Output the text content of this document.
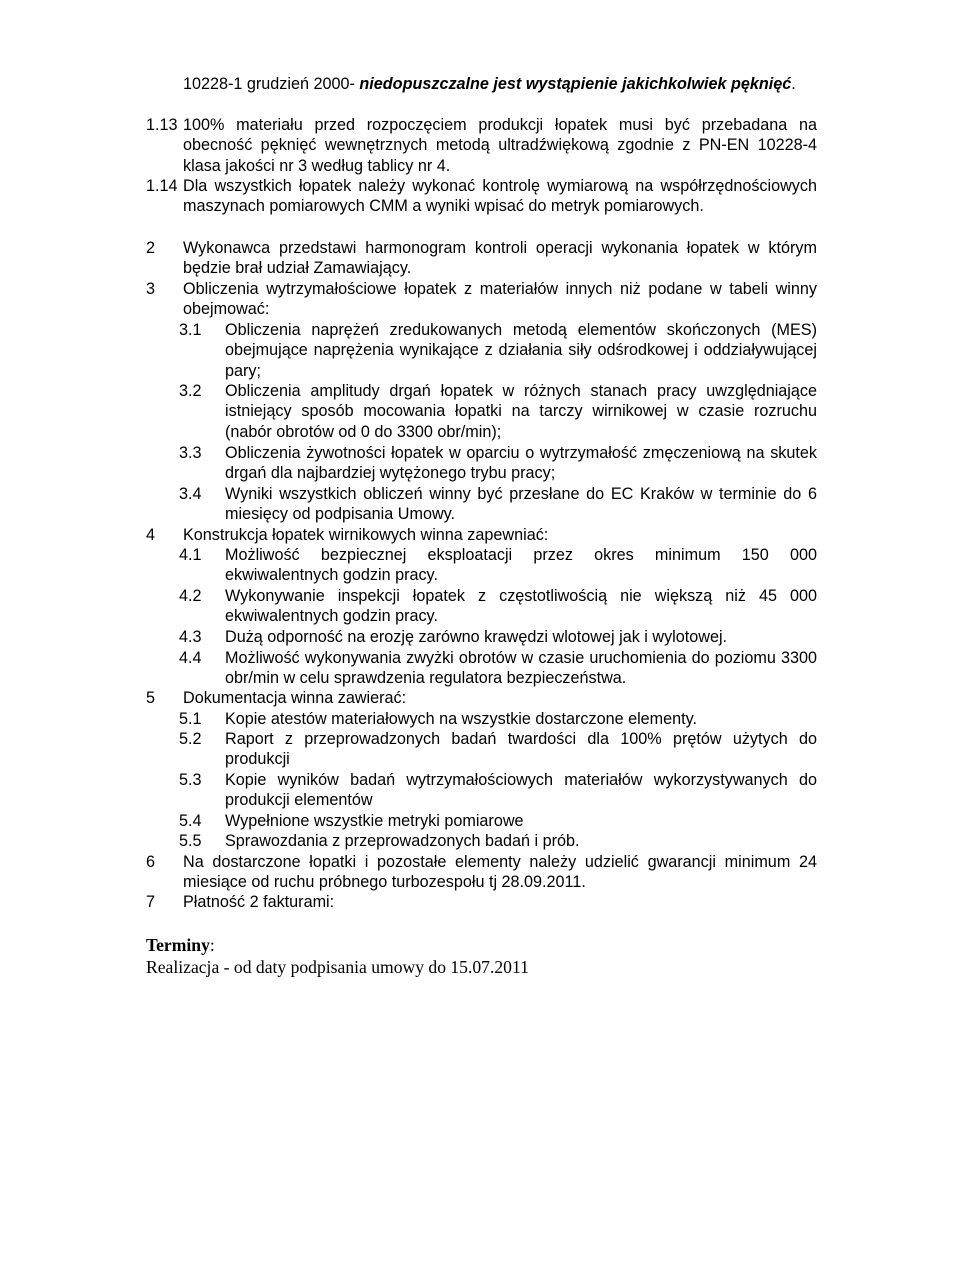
10228-1 grudzień 2000- niedopuszczalne jest wystąpienie jakichkolwiek pęknięć.

1.13 100% materiału przed rozpoczęciem produkcji łopatek musi być przebadana na obecność pęknięć wewnętrznych metodą ultradźwiękową zgodnie z PN-EN 10228-4 klasa jakości nr 3 według tablicy nr 4.

1.14 Dla wszystkich łopatek należy wykonać kontrolę wymiarową na współrzędnościowych maszynach pomiarowych CMM a wyniki wpisać do metryk pomiarowych.

2 Wykonawca przedstawi harmonogram kontroli operacji wykonania łopatek w którym będzie brał udział Zamawiający.

3 Obliczenia wytrzymałościowe łopatek z materiałów innych niż podane w tabeli winny obejmować:

3.1 Obliczenia naprężeń zredukowanych metodą elementów skończonych (MES) obejmujące naprężenia wynikające z działania siły odśrodkowej i oddziaływującej pary;

3.2 Obliczenia amplitudy drgań łopatek w różnych stanach pracy uwzględniające istniejący sposób mocowania łopatki na tarczy wirnikowej w czasie rozruchu (nabór obrotów od 0 do 3300 obr/min);

3.3 Obliczenia żywotności łopatek w oparciu o wytrzymałość zmęczeniową na skutek drgań dla najbardziej wytężonego trybu pracy;

3.4 Wyniki wszystkich obliczeń winny być przesłane do EC Kraków w terminie do 6 miesięcy od podpisania Umowy.

4 Konstrukcja łopatek wirnikowych winna zapewniać:

4.1 Możliwość bezpiecznej eksploatacji przez okres minimum 150 000 ekwiwalentnych godzin pracy.

4.2 Wykonywanie inspekcji łopatek z częstotliwością nie większą niż 45 000 ekwiwalentnych godzin pracy.

4.3 Dużą odporność na erozję zarówno krawędzi wlotowej jak i wylotowej.

4.4 Możliwość wykonywania zwyżki obrotów w czasie uruchomienia do poziomu 3300 obr/min w celu sprawdzenia regulatora bezpieczeństwa.

5 Dokumentacja winna zawierać:

5.1 Kopie atestów materiałowych na wszystkie dostarczone elementy.

5.2 Raport z przeprowadzonych badań twardości dla 100% prętów użytych do produkcji

5.3 Kopie wyników badań wytrzymałościowych materiałów wykorzystywanych do produkcji elementów

5.4 Wypełnione wszystkie metryki pomiarowe

5.5 Sprawozdania z przeprowadzonych badań i prób.

6 Na dostarczone łopatki i pozostałe elementy należy udzielić gwarancji minimum 24 miesiące od ruchu próbnego turbozespołu tj 28.09.2011.

7 Płatność 2 fakturami:

Terminy:

Realizacja - od daty podpisania umowy do 15.07.2011
